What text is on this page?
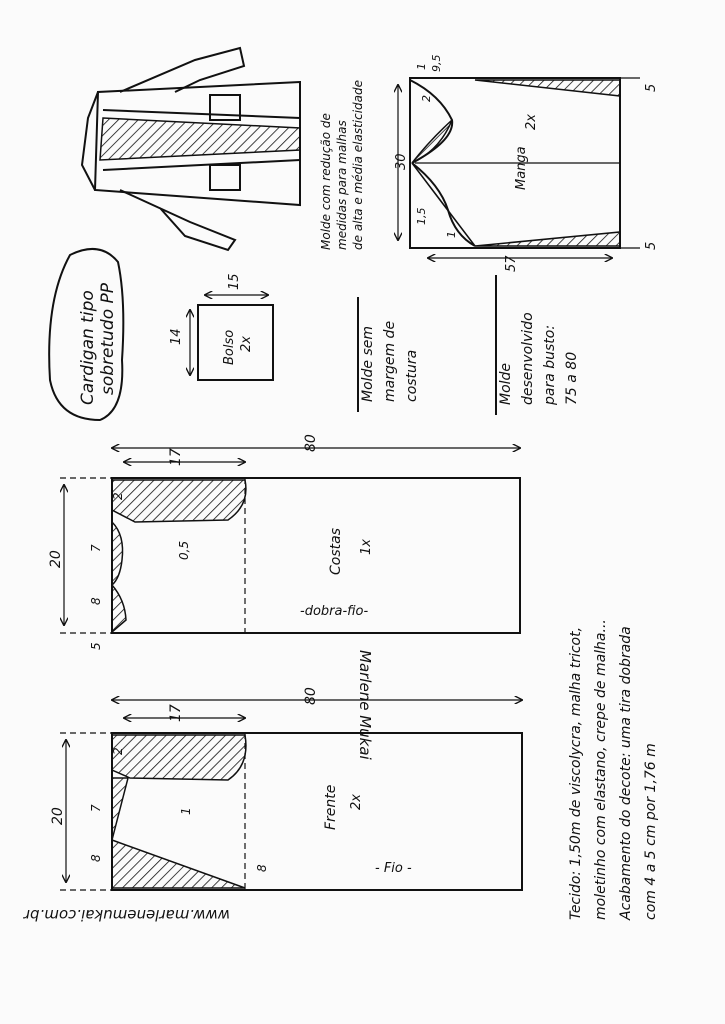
Molde com redução de medidas para malhas de alta e média elasticidade	Manga
2x
57
30
5
5
1 9,5
2
1,5
1
Cardigan tipo sobretudo PP	14
15
Bolso 2x	Molde sem margem de costura	Molde desenvolvido para busto: 75 a 80
80
17
20
2
0,5
7
8
5
Costas 1x
-dobra-fio-
80
17
20
2
1
7
8
8
Frente 2x
- Fio -
Marlene Mukai	Tecido: 1,50m de viscolycra, malha tricot, moletinho com elastano, crepe de malha... Acabamento do decote: uma tira dobrada com 4 a 5 cm por 1,76 m
www.marlenemukai.com.br
